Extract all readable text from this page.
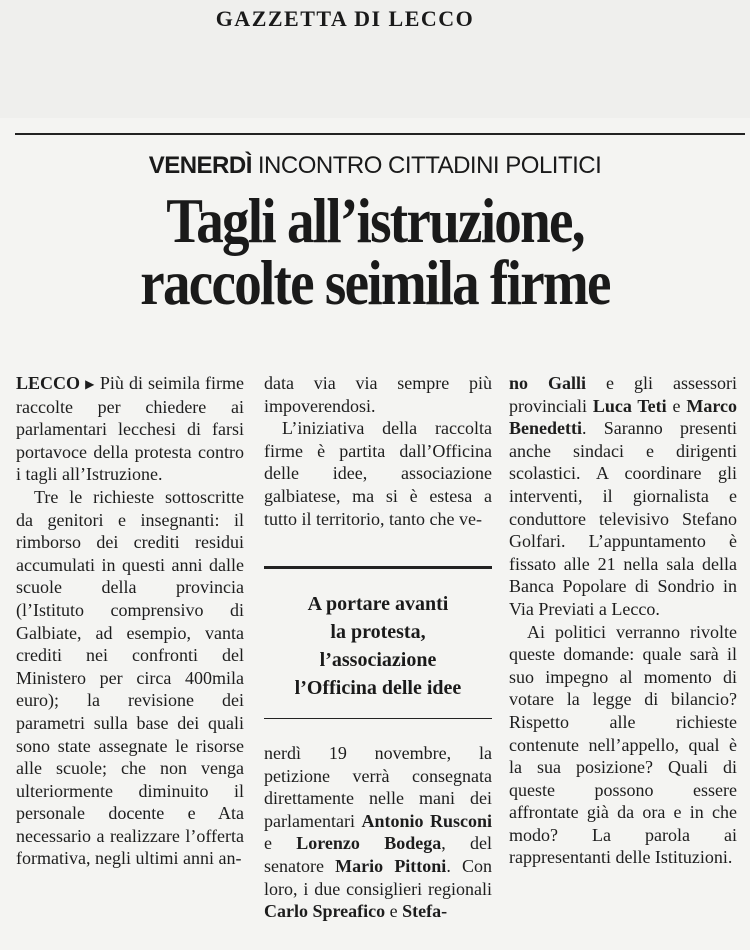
GAZZETTA DI LECCO
VENERDÌ INCONTRO CITTADINI POLITICI
Tagli all’istruzione,
raccolte seimila firme

LECCO ▶ Più di seimila firme raccolte per chiedere ai parlamentari lecchesi di farsi portavoce della protesta contro i tagli all’Istruzione.

Tre le richieste sottoscritte da genitori e insegnanti: il rimborso dei crediti residui accumulati in questi anni dalle scuole della provincia (l’Istituto comprensivo di Galbiate, ad esempio, vanta crediti nei confronti del Ministero per circa 400mila euro); la revisione dei parametri sulla base dei quali sono state assegnate le risorse alle scuole; che non venga ulteriormente diminuito il personale docente e Ata necessario a realizzare l’offerta formativa, negli ultimi anni an-

data via via sempre più impoverendosi.

L’iniziativa della raccolta firme è partita dall’Officina delle idee, associazione galbiatese, ma si è estesa a tutto il territorio, tanto che ve-

A portare avanti
la protesta,
l’associazione
l’Officina delle idee

nerdì 19 novembre, la petizione verrà consegnata direttamente nelle mani dei parlamentari Antonio Rusconi e Lorenzo Bodega, del senatore Mario Pittoni. Con loro, i due consiglieri regionali Carlo Spreafico e Stefa-

no Galli e gli assessori provinciali Luca Teti e Marco Benedetti. Saranno presenti anche sindaci e dirigenti scolastici. A coordinare gli interventi, il giornalista e conduttore televisivo Stefano Golfari. L’appuntamento è fissato alle 21 nella sala della Banca Popolare di Sondrio in Via Previati a Lecco.

Ai politici verranno rivolte queste domande: quale sarà il suo impegno al momento di votare la legge di bilancio? Rispetto alle richieste contenute nell’appello, qual è la sua posizione? Quali di queste possono essere affrontate già da ora e in che modo? La parola ai rappresentanti delle Istituzioni.
